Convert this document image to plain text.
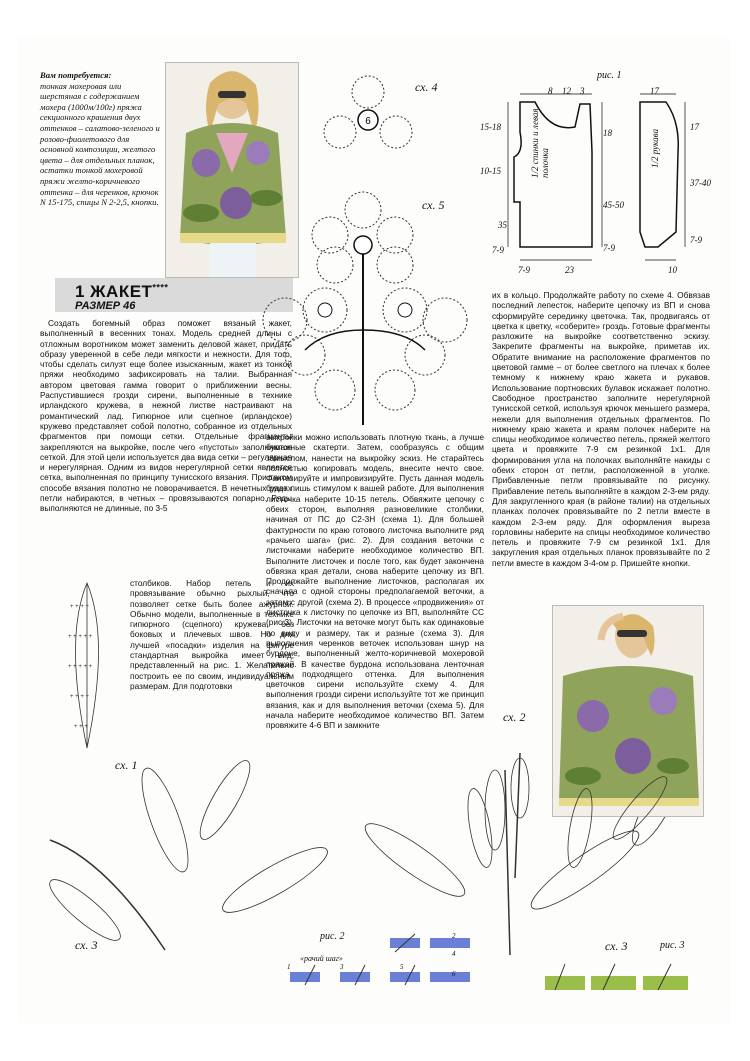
Вам потребуется:
тонкая мохеровая или шерстяная с содержанием мохера (1000м/100г) пряжа секционного крашения двух оттенков – салатово-зеленого и розово-фиолетового для основной композиции, желтого цвета – для отдельных планок, остатки тонкой мохеровой пряжи желто-коричневого оттенка – для черенков, крючок N 15-175, спицы N 2-2,5, кнопки.
1 ЖАКЕТ****
РАЗМЕР 46
6
сх. 4
сх. 5
рис. 1
8 12 3
15-18
18
10-15
45-50
35
7-9
7-9	23
17
17
37-40
7-9
10
7-9
1/2 спинки и левая полочка	1/2 рукава

Создать богемный образ поможет вязаный жакет, выполненный в весенних тонах. Модель средней длины с отложным воротником может заменить деловой жакет, придать образу уверенной в себе леди мягкости и нежности. Для того, чтобы сделать силуэт еще более изысканным, жакет из тонкой пряжи необходимо зафиксировать на талии. Выбранная автором цветовая гамма говорит о приближении весны. Распустившиеся грозди сирени, выполненные в технике ирландского кружева, в нежной листве настраивают на романтический лад. Гипюрное или сцепное (ирландское) кружево представляет собой полотно, собранное из отдельных фрагментов при помощи сетки. Отдельные фрагменты закрепляются на выкройке, после чего «пустоты» заполняются сеткой. Для этой цели используется два вида сетки – регулярная и нерегулярная. Одним из видов нерегулярной сетки является сетка, выполненная по принципу тунисского вязания. При таком способе вязания полотно не поворачивается. В нечетных рядах петли набираются, в четных – провязываются попарно. Ряды выполняются не длинные, по 3-5

столбиков. Набор петель и их провязывание обычно рыхлый, что позволяет сетке быть более ажурной. Обычно модели, выполненные в технике гипюрного (сцепного) кружева, без боковых и плечевых швов. Но для лучшей «посадки» изделия на фигуре стандартная выкройка имеет вид, представленный на рис. 1. Желательно построить ее по своим, индивидуальным размерам. Для подготовки

выкройки можно использовать плотную ткань, а лучше бумажные скатерти. Затем, сообразуясь с общим замыслом, нанести на выкройку эскиз. Не старайтесь полностью копировать модель, внесите нечто свое. Фантазируйте и импровизируйте. Пусть данная модель будет лишь стимулом к вашей работе. Для выполнения листочка наберите 10-15 петель. Обвяжите цепочку с обеих сторон, выполняя разновеликие столбики, начиная от ПС до С2-3Н (схема 1). Для большей фактурности по краю готового листочка выполните ряд «рачьего шага» (рис. 2). Для создания веточки с листочками наберите необходимое количество ВП. Выполните листочек и после того, как будет закончена обвязка края детали, снова наберите цепочку из ВП. Продолжайте выполнение листочков, располагая их сначала с одной стороны предполагаемой веточки, а затем с другой (схема 2). В процессе «продвижения» от листочка к листочку по цепочке из ВП, выполняйте СС (рис.3). Листочки на веточке могут быть как одинаковые по виду и размеру, так и разные (схема 3). Для выполнения черенков веточек использован шнур на бурдоне, выполненный желто-коричневой мохеровой пряжей. В качестве бурдона использована ленточная пряжа подходящего оттенка. Для выполнения цветочков сирени используйте схему 4. Для выполнения грозди сирени используйте тот же принцип вязания, как и для выполнения веточки (схема 5). Для начала наберите необходимое количество ВП. Затем провяжите 4-6 ВП и замкните

их в кольцо. Продолжайте работу по схеме 4. Обвязав последний лепесток, наберите цепочку из ВП и снова сформируйте серединку цветочка. Так, продвигаясь от цветка к цветку, «соберите» гроздь. Готовые фрагменты разложите на выкройке соответственно эскизу. Закрепите фрагменты на выкройке, приметав их. Обратите внимание на расположение фрагментов по цветовой гамме – от более светлого на плечах к более темному к нижнему краю жакета и рукавов. Использование портновских булавок искажает полотно. Свободное пространство заполните нерегулярной тунисской сеткой, используя крючок меньшего размера, нежели для выполнения отдельных фрагментов. По нижнему краю жакета и краям полочек наберите на спицы необходимое количество петель, пряжей желтого цвета и провяжите 7-9 см резинкой 1х1. Для формирования угла на полочках выполняйте накиды с обеих сторон от петли, расположенной в уголке. Прибавленные петли провязывайте по рисунку. Прибавление петель выполняйте в каждом 2-3-ем ряду. Для закругленного края (в районе талии) на отдельных планках полочек провязывайте по 2 петли вместе в каждом 2-3-ем ряду. Для оформления выреза горловины наберите на спицы необходимое количество петель и провяжите 7-9 см резинкой 1х1. Для закругления края отдельных планок провязывайте по 2 петли вместе в каждом 3-4-ом р. Пришейте кнопки.

+ + + +
+ + + + +
+ + + + +
+ + + +
+ + +
сх. 1
сх. 3	сх. 3
сх. 2
рис. 2
«рачий шаг»
1
2
3
4
5
6
рис. 3
